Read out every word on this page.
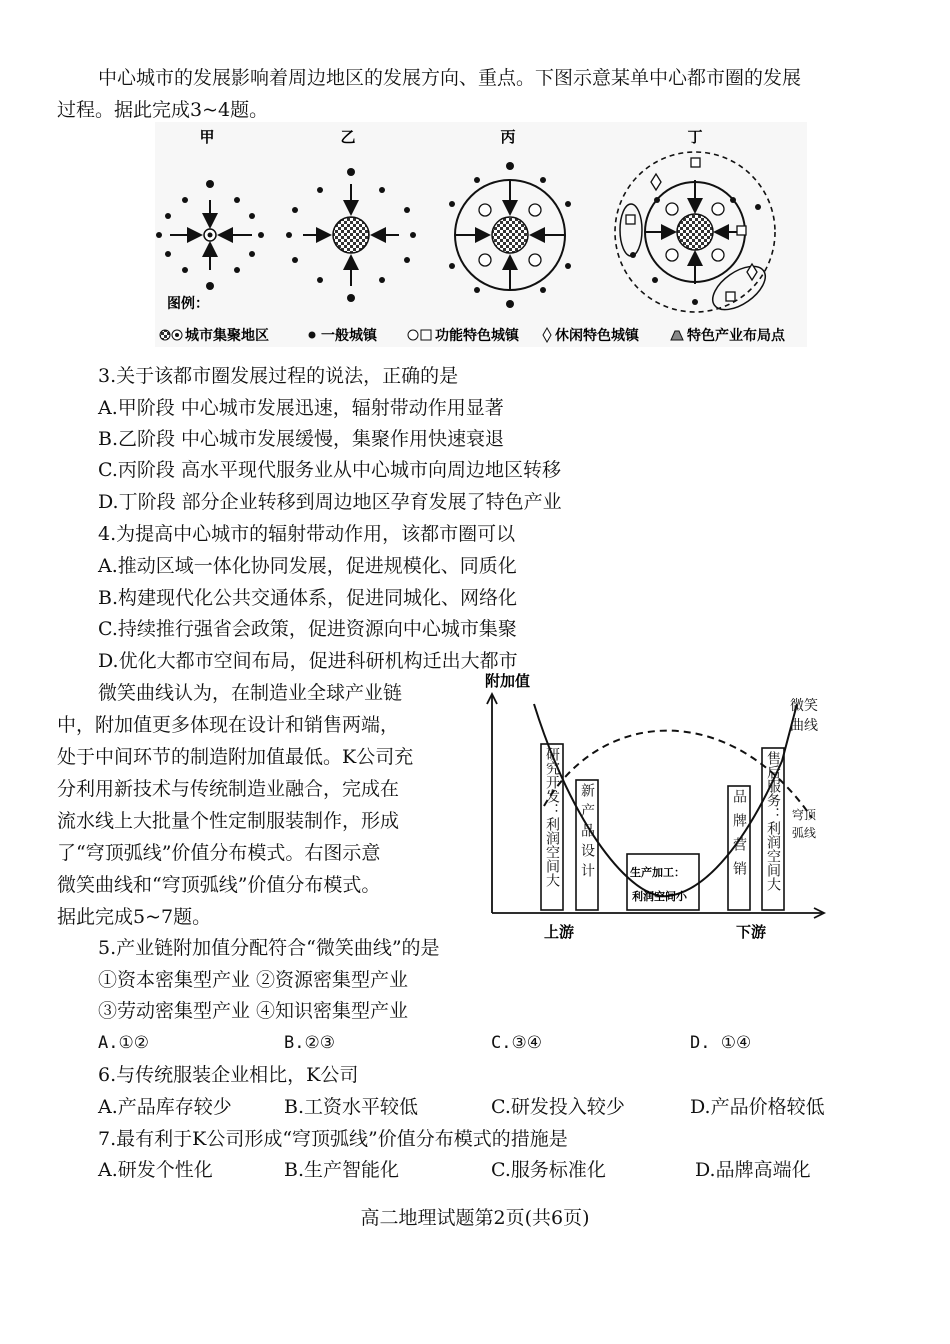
中心城市的发展影响着周边地区的发展方向、重点。下图示意某单中心都市圈的发展
过程。据此完成3~4题。
甲	乙	丙	丁
图例：
城市集聚地区	一般城镇	功能特色城镇	休闲特色城镇	特色产业布局点
3.关于该都市圈发展过程的说法，正确的是
A.甲阶段 中心城市发展迅速，辐射带动作用显著
B.乙阶段 中心城市发展缓慢，集聚作用快速衰退
C.丙阶段 高水平现代服务业从中心城市向周边地区转移
D.丁阶段 部分企业转移到周边地区孕育发展了特色产业
4.为提高中心城市的辐射带动作用，该都市圈可以
A.推动区域一体化协同发展，促进规模化、同质化
B.构建现代化公共交通体系，促进同城化、网络化
C.持续推行强省会政策，促进资源向中心城市集聚
D.优化大都市空间布局，促进科研机构迁出大都市
微笑曲线认为，在制造业全球产业链
中，附加值更多体现在设计和销售两端，
处于中间环节的制造附加值最低。K公司充
分利用新技术与传统制造业融合，完成在
流水线上大批量个性定制服装制作，形成
了“穹顶弧线”价值分布模式。右图示意
微笑曲线和“穹顶弧线”价值分布模式。
据此完成5~7题。
附加值
研究开发：利润空间大 新产品设计	生产加工：
利润空间小
品牌营销 售后服务：利润空间大
微笑曲线
穹顶弧线
上游	下游
5.产业链附加值分配符合“微笑曲线”的是
①资本密集型产业 ②资源密集型产业
③劳动密集型产业 ④知识密集型产业
A.①②	B.②③	C.③④	D. ①④
6.与传统服装企业相比，K公司
A.产品库存较少	B.工资水平较低	C.研发投入较少	D.产品价格较低
7.最有利于K公司形成“穹顶弧线”价值分布模式的措施是
A.研发个性化	B.生产智能化	C.服务标准化	D.品牌高端化
高二地理试题第2页(共6页)
